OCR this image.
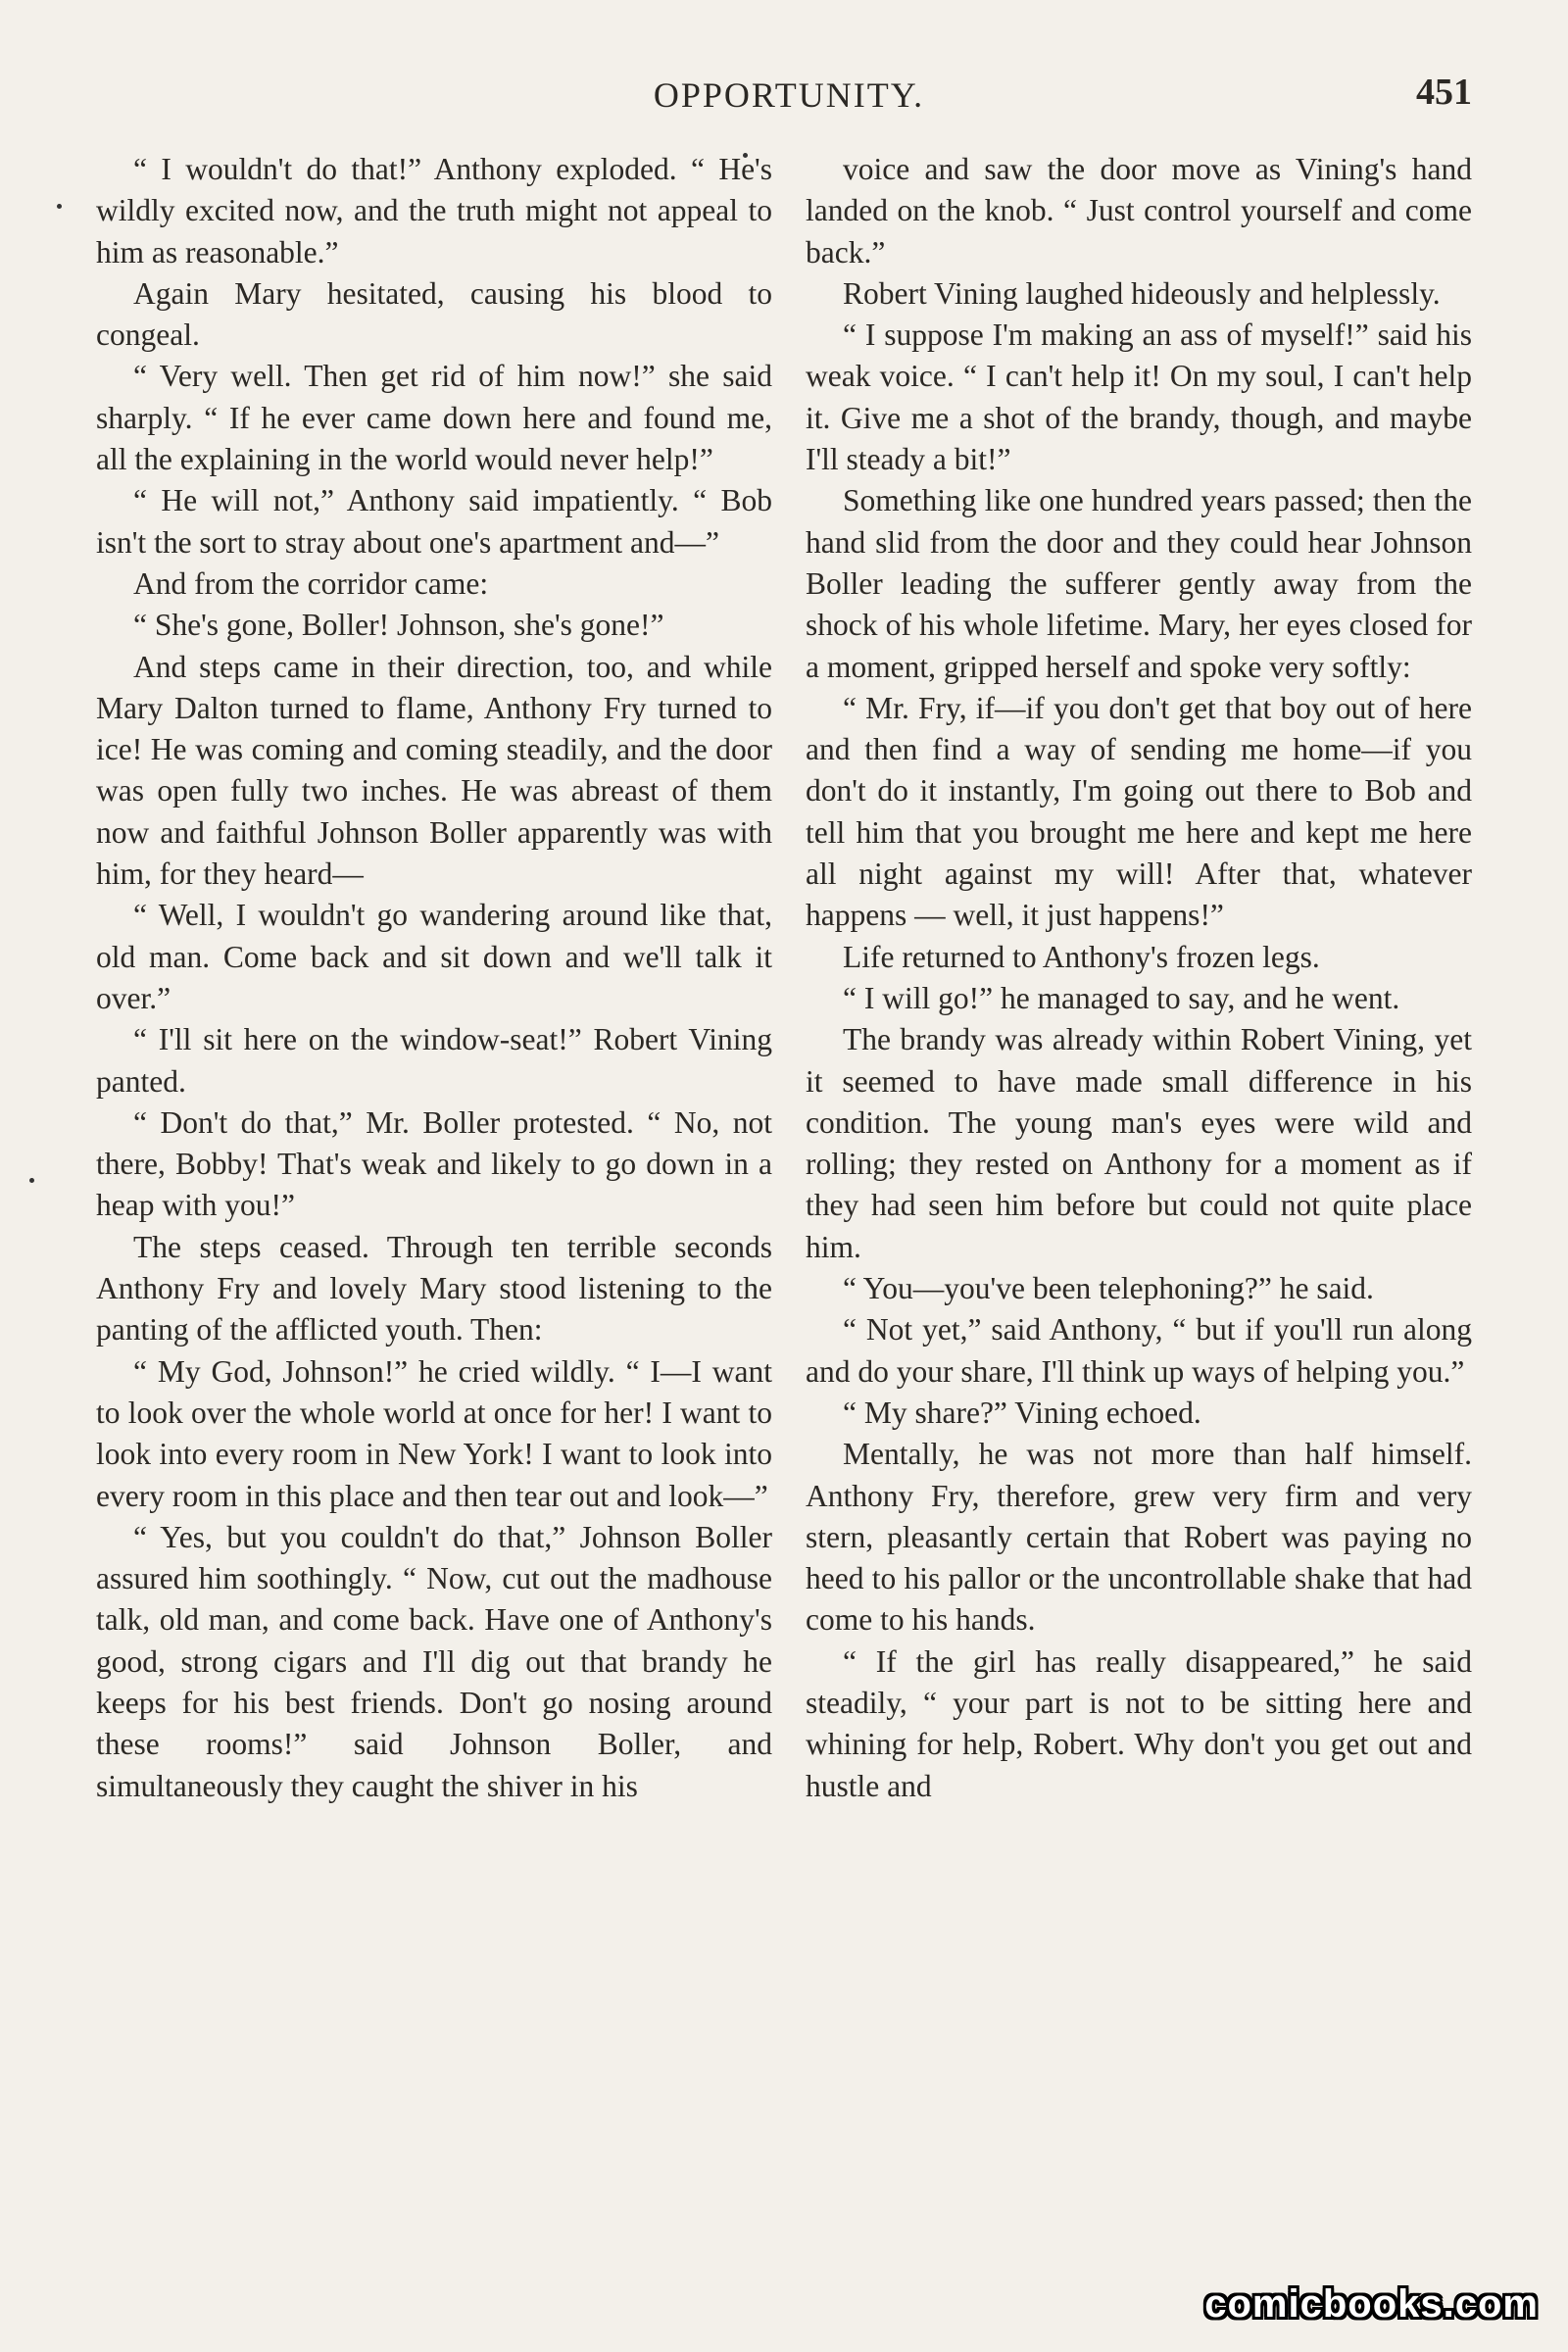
OPPORTUNITY.	451

“ I wouldn't do that!” Anthony exploded. “ He's wildly excited now, and the truth might not appeal to him as reasonable.”

Again Mary hesitated, causing his blood to congeal.

“ Very well. Then get rid of him now!” she said sharply. “ If he ever came down here and found me, all the explaining in the world would never help!”

“ He will not,” Anthony said impatiently. “ Bob isn't the sort to stray about one's apartment and—”

And from the corridor came:

“ She's gone, Boller! Johnson, she's gone!”

And steps came in their direction, too, and while Mary Dalton turned to flame, Anthony Fry turned to ice! He was coming and coming steadily, and the door was open fully two inches. He was abreast of them now and faithful Johnson Boller apparently was with him, for they heard—

“ Well, I wouldn't go wandering around like that, old man. Come back and sit down and we'll talk it over.”

“ I'll sit here on the window-seat!” Robert Vining panted.

“ Don't do that,” Mr. Boller protested. “ No, not there, Bobby! That's weak and likely to go down in a heap with you!”

The steps ceased. Through ten terrible seconds Anthony Fry and lovely Mary stood listening to the panting of the afflicted youth. Then:

“ My God, Johnson!” he cried wildly. “ I—I want to look over the whole world at once for her! I want to look into every room in New York! I want to look into every room in this place and then tear out and look—”

“ Yes, but you couldn't do that,” Johnson Boller assured him soothingly. “ Now, cut out the madhouse talk, old man, and come back. Have one of Anthony's good, strong cigars and I'll dig out that brandy he keeps for his best friends. Don't go nosing around these rooms!” said Johnson Boller, and simultaneously they caught the shiver in his

voice and saw the door move as Vining's hand landed on the knob. “ Just control yourself and come back.”

Robert Vining laughed hideously and helplessly.

“ I suppose I'm making an ass of myself!” said his weak voice. “ I can't help it! On my soul, I can't help it. Give me a shot of the brandy, though, and maybe I'll steady a bit!”

Something like one hundred years passed; then the hand slid from the door and they could hear Johnson Boller leading the sufferer gently away from the shock of his whole lifetime. Mary, her eyes closed for a moment, gripped herself and spoke very softly:

“ Mr. Fry, if—if you don't get that boy out of here and then find a way of sending me home—if you don't do it instantly, I'm going out there to Bob and tell him that you brought me here and kept me here all night against my will! After that, whatever happens — well, it just happens!”

Life returned to Anthony's frozen legs.

“ I will go!” he managed to say, and he went.

The brandy was already within Robert Vining, yet it seemed to have made small difference in his condition. The young man's eyes were wild and rolling; they rested on Anthony for a moment as if they had seen him before but could not quite place him.

“ You—you've been telephoning?” he said.

“ Not yet,” said Anthony, “ but if you'll run along and do your share, I'll think up ways of helping you.”

“ My share?” Vining echoed.

Mentally, he was not more than half himself. Anthony Fry, therefore, grew very firm and very stern, pleasantly certain that Robert was paying no heed to his pallor or the uncontrollable shake that had come to his hands.

“ If the girl has really disappeared,” he said steadily, “ your part is not to be sitting here and whining for help, Robert. Why don't you get out and hustle and

comicbooks.com
